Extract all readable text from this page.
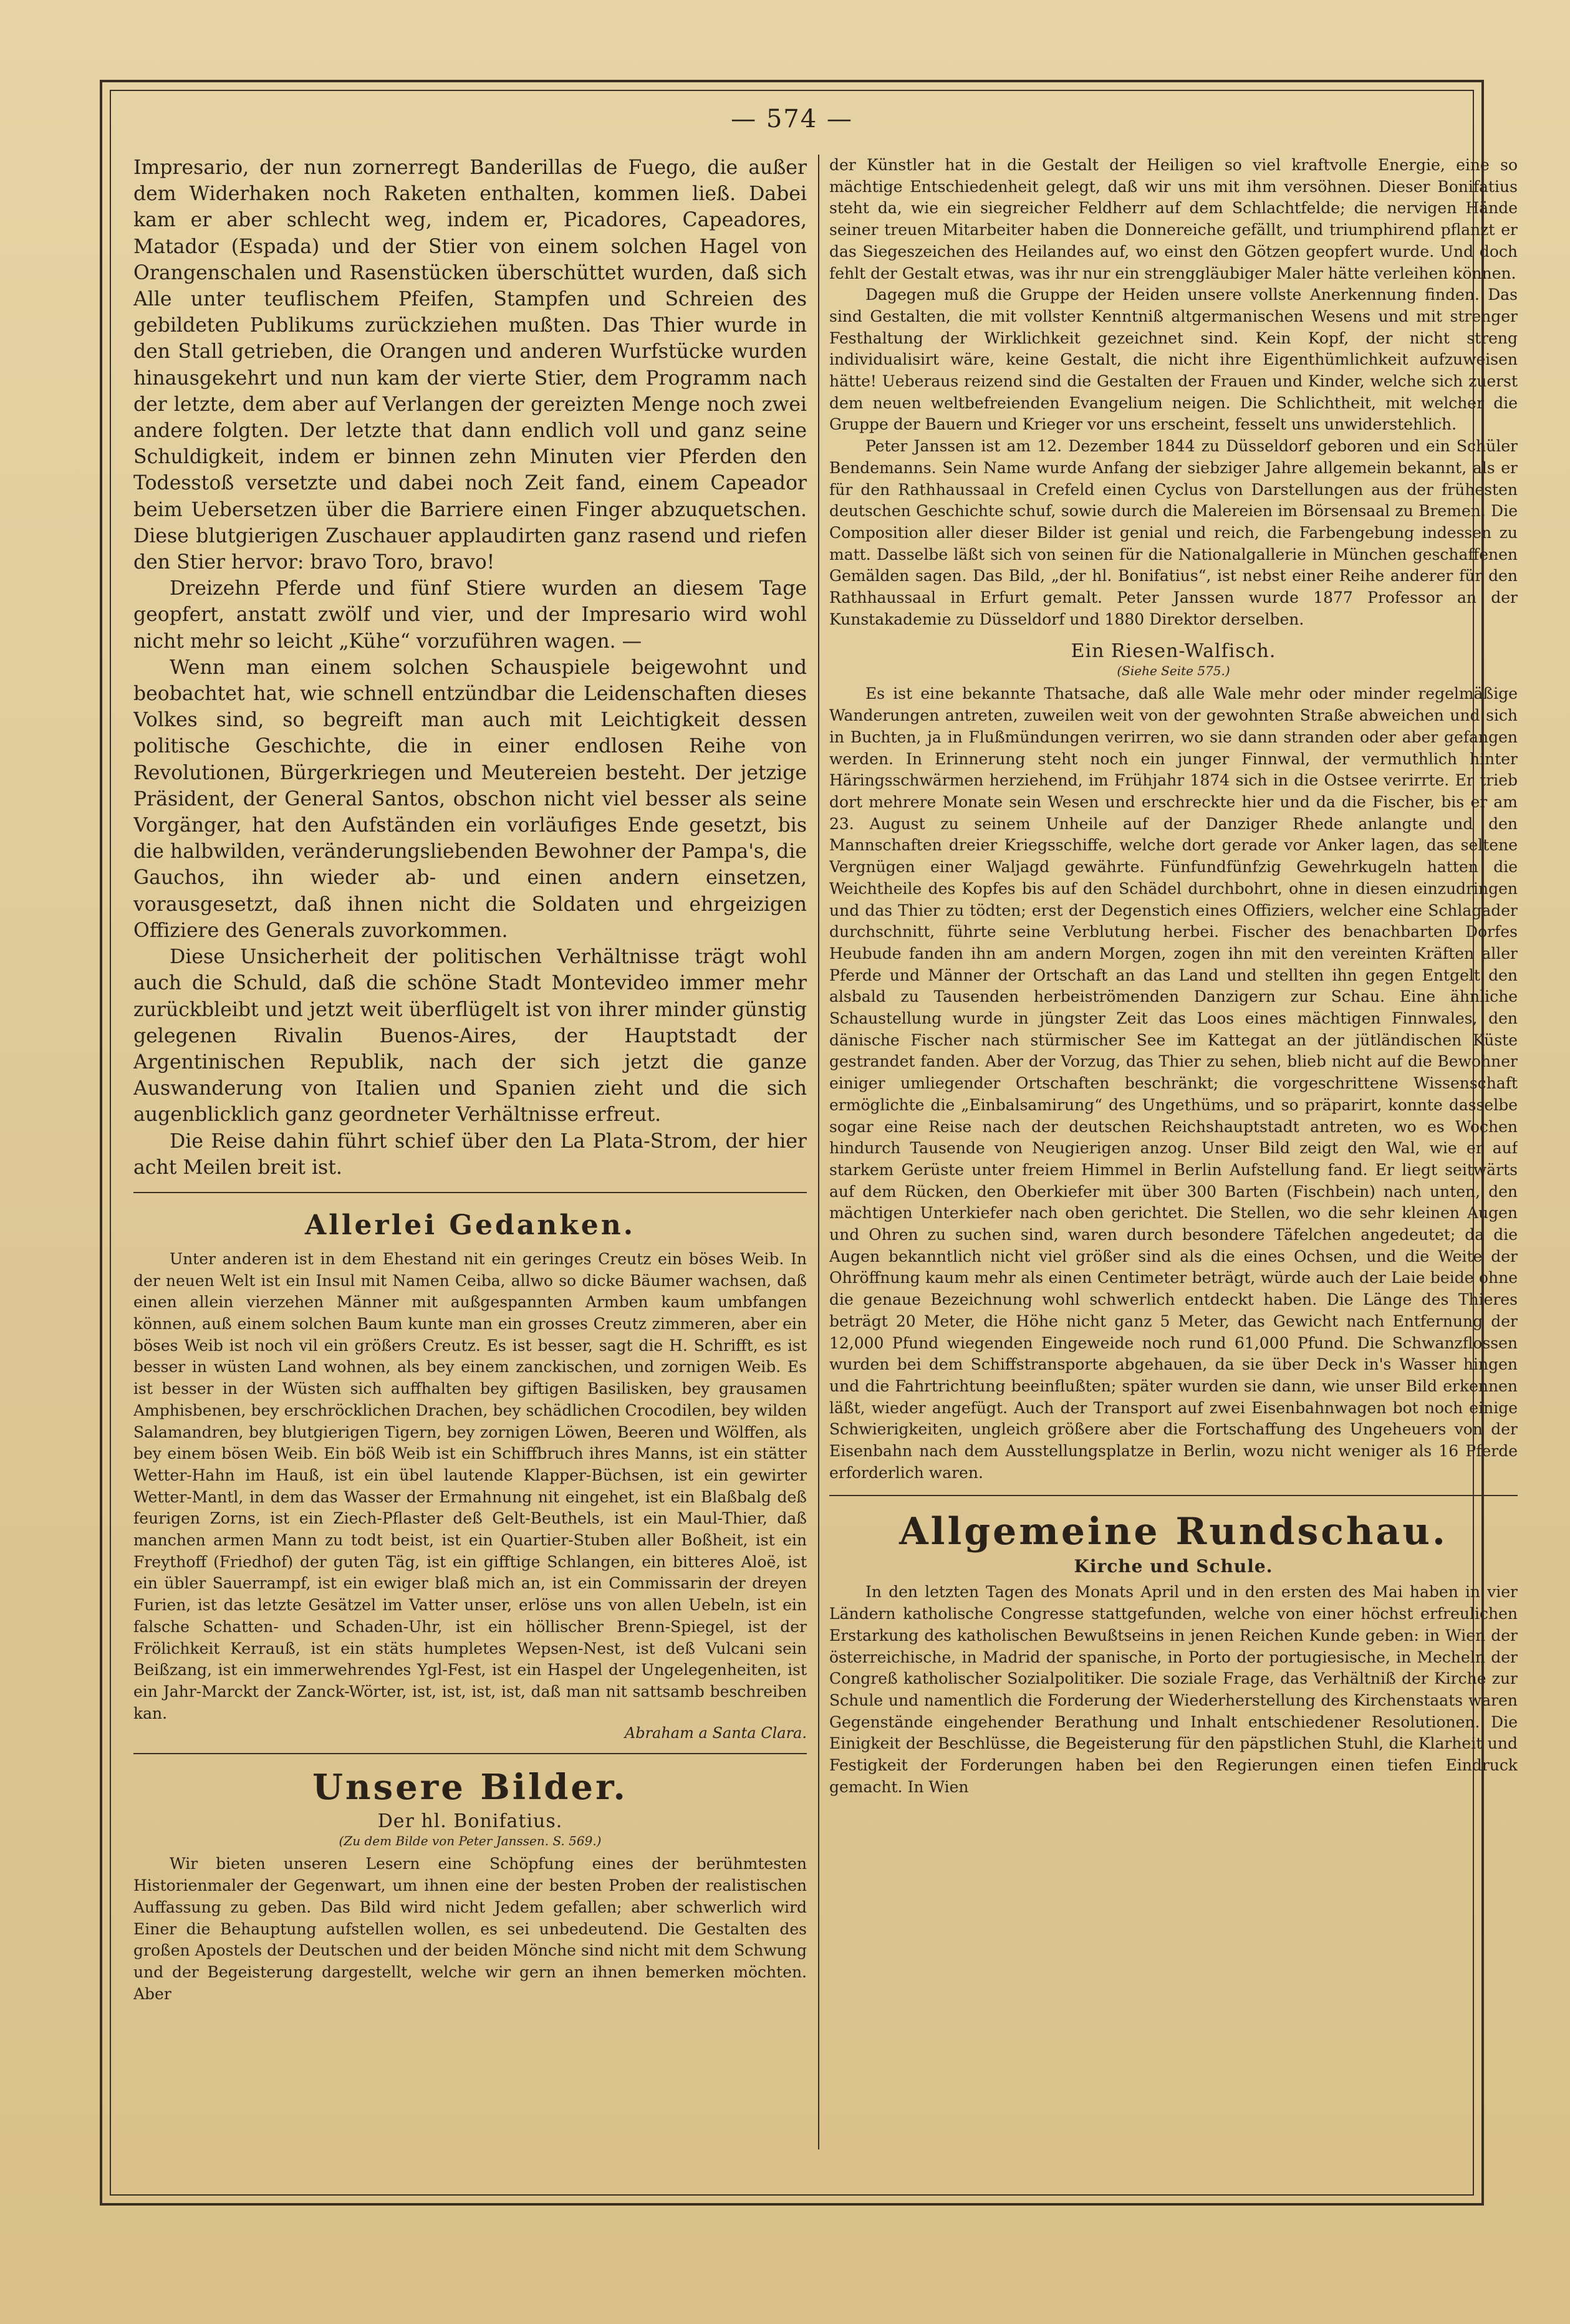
— 574 —

Impresario, der nun zornerregt Banderillas de Fuego, die außer dem Widerhaken noch Raketen enthalten, kommen ließ. Dabei kam er aber schlecht weg, indem er, Picadores, Capeadores, Matador (Espada) und der Stier von einem solchen Hagel von Orangenschalen und Rasenstücken überschüttet wurden, daß sich Alle unter teuflischem Pfeifen, Stampfen und Schreien des gebildeten Publikums zurückziehen mußten. Das Thier wurde in den Stall getrieben, die Orangen und anderen Wurfstücke wurden hinausgekehrt und nun kam der vierte Stier, dem Programm nach der letzte, dem aber auf Verlangen der gereizten Menge noch zwei andere folgten. Der letzte that dann endlich voll und ganz seine Schuldigkeit, indem er binnen zehn Minuten vier Pferden den Todesstoß versetzte und dabei noch Zeit fand, einem Capeador beim Uebersetzen über die Barriere einen Finger abzuquetschen. Diese blutgierigen Zuschauer applaudirten ganz rasend und riefen den Stier hervor: bravo Toro, bravo!

Dreizehn Pferde und fünf Stiere wurden an diesem Tage geopfert, anstatt zwölf und vier, und der Impresario wird wohl nicht mehr so leicht „Kühe“ vorzuführen wagen. —

Wenn man einem solchen Schauspiele beigewohnt und beobachtet hat, wie schnell entzündbar die Leidenschaften dieses Volkes sind, so begreift man auch mit Leichtigkeit dessen politische Geschichte, die in einer endlosen Reihe von Revolutionen, Bürgerkriegen und Meutereien besteht. Der jetzige Präsident, der General Santos, obschon nicht viel besser als seine Vorgänger, hat den Aufständen ein vorläufiges Ende gesetzt, bis die halbwilden, veränderungsliebenden Bewohner der Pampa's, die Gauchos, ihn wieder ab- und einen andern einsetzen, vorausgesetzt, daß ihnen nicht die Soldaten und ehrgeizigen Offiziere des Generals zuvorkommen.

Diese Unsicherheit der politischen Verhältnisse trägt wohl auch die Schuld, daß die schöne Stadt Montevideo immer mehr zurückbleibt und jetzt weit überflügelt ist von ihrer minder günstig gelegenen Rivalin Buenos-Aires, der Hauptstadt der Argentinischen Republik, nach der sich jetzt die ganze Auswanderung von Italien und Spanien zieht und die sich augenblicklich ganz geordneter Verhältnisse erfreut.

Die Reise dahin führt schief über den La Plata-Strom, der hier acht Meilen breit ist.

Allerlei Gedanken.

Unter anderen ist in dem Ehestand nit ein geringes Creutz ein böses Weib. In der neuen Welt ist ein Insul mit Namen Ceiba, allwo so dicke Bäumer wachsen, daß einen allein vierzehen Männer mit außgespannten Armben kaum umbfangen können, auß einem solchen Baum kunte man ein grosses Creutz zimmeren, aber ein böses Weib ist noch vil ein größers Creutz. Es ist besser, sagt die H. Schrifft, es ist besser in wüsten Land wohnen, als bey einem zanckischen, und zornigen Weib. Es ist besser in der Wüsten sich auffhalten bey giftigen Basilisken, bey grausamen Amphisbenen, bey erschröcklichen Drachen, bey schädlichen Crocodilen, bey wilden Salamandren, bey blutgierigen Tigern, bey zornigen Löwen, Beeren und Wölffen, als bey einem bösen Weib. Ein böß Weib ist ein Schiffbruch ihres Manns, ist ein stätter Wetter-Hahn im Hauß, ist ein übel lautende Klapper-Büchsen, ist ein gewirter Wetter-Mantl, in dem das Wasser der Ermahnung nit eingehet, ist ein Blaßbalg deß feurigen Zorns, ist ein Ziech-Pflaster deß Gelt-Beuthels, ist ein Maul-Thier, daß manchen armen Mann zu todt beist, ist ein Quartier-Stuben aller Boßheit, ist ein Freythoff (Friedhof) der guten Täg, ist ein gifftige Schlangen, ein bitteres Aloë, ist ein übler Sauerrampf, ist ein ewiger blaß mich an, ist ein Commissarin der dreyen Furien, ist das letzte Gesätzel im Vatter unser, erlöse uns von allen Uebeln, ist ein falsche Schatten- und Schaden-Uhr, ist ein höllischer Brenn-Spiegel, ist der Frölichkeit Kerrauß, ist ein stäts humpletes Wepsen-Nest, ist deß Vulcani sein Beißzang, ist ein immerwehrendes Ygl-Fest, ist ein Haspel der Ungelegenheiten, ist ein Jahr-Marckt der Zanck-Wörter, ist, ist, ist, ist, daß man nit sattsamb beschreiben kan.

Abraham a Santa Clara.
Unsere Bilder.
Der hl. Bonifatius.
(Zu dem Bilde von Peter Janssen. S. 569.)

Wir bieten unseren Lesern eine Schöpfung eines der berühmtesten Historienmaler der Gegenwart, um ihnen eine der besten Proben der realistischen Auffassung zu geben. Das Bild wird nicht Jedem gefallen; aber schwerlich wird Einer die Behauptung aufstellen wollen, es sei unbedeutend. Die Gestalten des großen Apostels der Deutschen und der beiden Mönche sind nicht mit dem Schwung und der Begeisterung dargestellt, welche wir gern an ihnen bemerken möchten. Aber

der Künstler hat in die Gestalt der Heiligen so viel kraftvolle Energie, eine so mächtige Entschiedenheit gelegt, daß wir uns mit ihm versöhnen. Dieser Bonifatius steht da, wie ein siegreicher Feldherr auf dem Schlachtfelde; die nervigen Hände seiner treuen Mitarbeiter haben die Donnereiche gefällt, und triumphirend pflanzt er das Siegeszeichen des Heilandes auf, wo einst den Götzen geopfert wurde. Und doch fehlt der Gestalt etwas, was ihr nur ein strenggläubiger Maler hätte verleihen können.

Dagegen muß die Gruppe der Heiden unsere vollste Anerkennung finden. Das sind Gestalten, die mit vollster Kenntniß altgermanischen Wesens und mit strenger Festhaltung der Wirklichkeit gezeichnet sind. Kein Kopf, der nicht streng individualisirt wäre, keine Gestalt, die nicht ihre Eigenthümlichkeit aufzuweisen hätte! Ueberaus reizend sind die Gestalten der Frauen und Kinder, welche sich zuerst dem neuen weltbefreienden Evangelium neigen. Die Schlichtheit, mit welcher die Gruppe der Bauern und Krieger vor uns erscheint, fesselt uns unwiderstehlich.

Peter Janssen ist am 12. Dezember 1844 zu Düsseldorf geboren und ein Schüler Bendemanns. Sein Name wurde Anfang der siebziger Jahre allgemein bekannt, als er für den Rathhaussaal in Crefeld einen Cyclus von Darstellungen aus der frühesten deutschen Geschichte schuf, sowie durch die Malereien im Börsensaal zu Bremen. Die Composition aller dieser Bilder ist genial und reich, die Farbengebung indessen zu matt. Dasselbe läßt sich von seinen für die Nationalgallerie in München geschaffenen Gemälden sagen. Das Bild, „der hl. Bonifatius“, ist nebst einer Reihe anderer für den Rathhaussaal in Erfurt gemalt. Peter Janssen wurde 1877 Professor an der Kunstakademie zu Düsseldorf und 1880 Direktor derselben.

Ein Riesen-Walfisch.
(Siehe Seite 575.)

Es ist eine bekannte Thatsache, daß alle Wale mehr oder minder regelmäßige Wanderungen antreten, zuweilen weit von der gewohnten Straße abweichen und sich in Buchten, ja in Flußmündungen verirren, wo sie dann stranden oder aber gefangen werden. In Erinnerung steht noch ein junger Finnwal, der vermuthlich hinter Häringsschwärmen herziehend, im Frühjahr 1874 sich in die Ostsee verirrte. Er trieb dort mehrere Monate sein Wesen und erschreckte hier und da die Fischer, bis er am 23. August zu seinem Unheile auf der Danziger Rhede anlangte und den Mannschaften dreier Kriegsschiffe, welche dort gerade vor Anker lagen, das seltene Vergnügen einer Waljagd gewährte. Fünfundfünfzig Gewehrkugeln hatten die Weichtheile des Kopfes bis auf den Schädel durchbohrt, ohne in diesen einzudringen und das Thier zu tödten; erst der Degenstich eines Offiziers, welcher eine Schlagader durchschnitt, führte seine Verblutung herbei. Fischer des benachbarten Dorfes Heubude fanden ihn am andern Morgen, zogen ihn mit den vereinten Kräften aller Pferde und Männer der Ortschaft an das Land und stellten ihn gegen Entgelt den alsbald zu Tausenden herbeiströmenden Danzigern zur Schau. Eine ähnliche Schaustellung wurde in jüngster Zeit das Loos eines mächtigen Finnwales, den dänische Fischer nach stürmischer See im Kattegat an der jütländischen Küste gestrandet fanden. Aber der Vorzug, das Thier zu sehen, blieb nicht auf die Bewohner einiger umliegender Ortschaften beschränkt; die vorgeschrittene Wissenschaft ermöglichte die „Einbalsamirung“ des Ungethüms, und so präparirt, konnte dasselbe sogar eine Reise nach der deutschen Reichshauptstadt antreten, wo es Wochen hindurch Tausende von Neugierigen anzog. Unser Bild zeigt den Wal, wie er auf starkem Gerüste unter freiem Himmel in Berlin Aufstellung fand. Er liegt seitwärts auf dem Rücken, den Oberkiefer mit über 300 Barten (Fischbein) nach unten, den mächtigen Unterkiefer nach oben gerichtet. Die Stellen, wo die sehr kleinen Augen und Ohren zu suchen sind, waren durch besondere Täfelchen angedeutet; da die Augen bekanntlich nicht viel größer sind als die eines Ochsen, und die Weite der Ohröffnung kaum mehr als einen Centimeter beträgt, würde auch der Laie beide ohne die genaue Bezeichnung wohl schwerlich entdeckt haben. Die Länge des Thieres beträgt 20 Meter, die Höhe nicht ganz 5 Meter, das Gewicht nach Entfernung der 12,000 Pfund wiegenden Eingeweide noch rund 61,000 Pfund. Die Schwanzflossen wurden bei dem Schiffstransporte abgehauen, da sie über Deck in's Wasser hingen und die Fahrtrichtung beeinflußten; später wurden sie dann, wie unser Bild erkennen läßt, wieder angefügt. Auch der Transport auf zwei Eisenbahnwagen bot noch einige Schwierigkeiten, ungleich größere aber die Fortschaffung des Ungeheuers von der Eisenbahn nach dem Ausstellungsplatze in Berlin, wozu nicht weniger als 16 Pferde erforderlich waren.

Allgemeine Rundschau.
Kirche und Schule.

In den letzten Tagen des Monats April und in den ersten des Mai haben in vier Ländern katholische Congresse stattgefunden, welche von einer höchst erfreulichen Erstarkung des katholischen Bewußtseins in jenen Reichen Kunde geben: in Wien der österreichische, in Madrid der spanische, in Porto der portugiesische, in Mecheln der Congreß katholischer Sozialpolitiker. Die soziale Frage, das Verhältniß der Kirche zur Schule und namentlich die Forderung der Wiederherstellung des Kirchenstaats waren Gegenstände eingehender Berathung und Inhalt entschiedener Resolutionen. Die Einigkeit der Beschlüsse, die Begeisterung für den päpstlichen Stuhl, die Klarheit und Festigkeit der Forderungen haben bei den Regierungen einen tiefen Eindruck gemacht. In Wien
